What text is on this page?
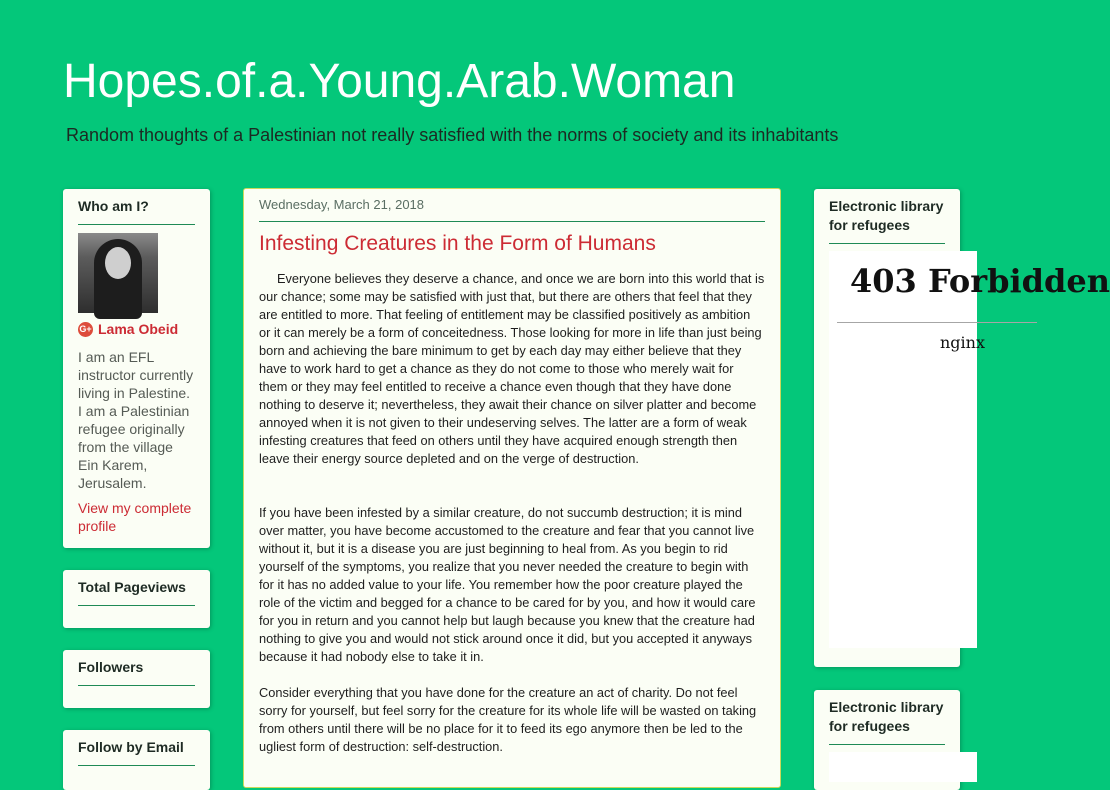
Hopes.of.a.Young.Arab.Woman

Random thoughts of a Palestinian not really satisfied with the norms of society and its inhabitants

Who am I?
G+ Lama Obeid
I am an EFL instructor currently living in Palestine. I am a Palestinian refugee originally from the village Ein Karem, Jerusalem.
View my complete profile
Total Pageviews
Followers
Follow by Email
Wednesday, March 21, 2018
Infesting Creatures in the Form of Humans

Everyone believes they deserve a chance, and once we are born into this world that is our chance; some may be satisfied with just that, but there are others that feel that they are entitled to more. That feeling of entitlement may be classified positively as ambition or it can merely be a form of conceitedness. Those looking for more in life than just being born and achieving the bare minimum to get by each day may either believe that they have to work hard to get a chance as they do not come to those who merely wait for them or they may feel entitled to receive a chance even though that they have done nothing to deserve it; nevertheless, they await their chance on silver platter and become annoyed when it is not given to their undeserving selves. The latter are a form of weak infesting creatures that feed on others until they have acquired enough strength then leave their energy source depleted and on the verge of destruction.

If you have been infested by a similar creature, do not succumb destruction; it is mind over matter, you have become accustomed to the creature and fear that you cannot live without it, but it is a disease you are just beginning to heal from. As you begin to rid yourself of the symptoms, you realize that you never needed the creature to begin with for it has no added value to your life. You remember how the poor creature played the role of the victim and begged for a chance to be cared for by you, and how it would care for you in return and you cannot help but laugh because you knew that the creature had nothing to give you and would not stick around once it did, but you accepted it anyways because it had nobody else to take it in.

Consider everything that you have done for the creature an act of charity. Do not feel sorry for yourself, but feel sorry for the creature for its whole life will be wasted on taking from others until there will be no place for it to feed its ego anymore then be led to the ugliest form of destruction: self-destruction.

Electronic library for refugees
403 Forbidden
nginx
Electronic library for refugees
